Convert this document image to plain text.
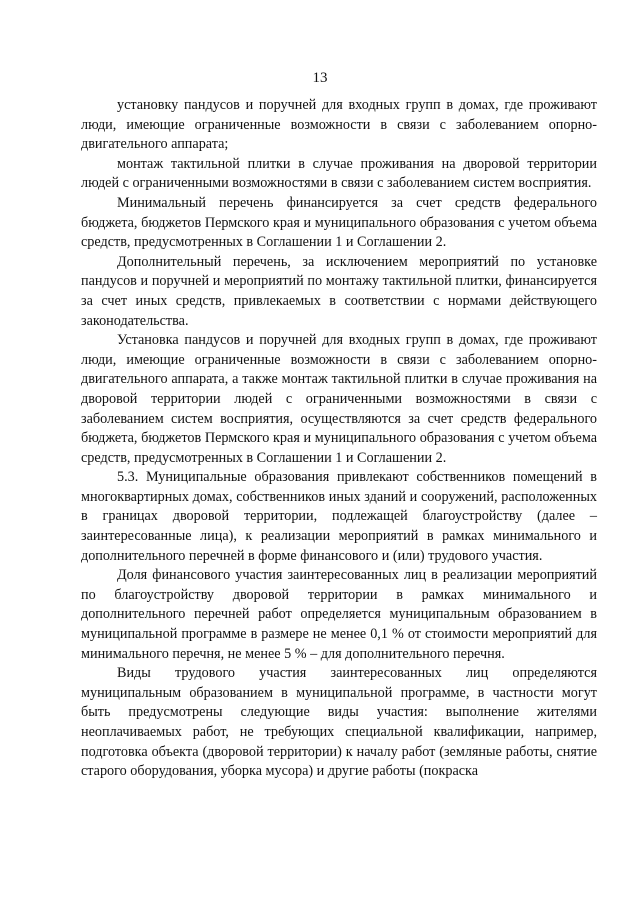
13

установку пандусов и поручней для входных групп в домах, где проживают люди, имеющие ограниченные возможности в связи с заболеванием опорно-двигательного аппарата;

монтаж тактильной плитки в случае проживания на дворовой территории людей с ограниченными возможностями в связи с заболеванием систем восприятия.

Минимальный перечень финансируется за счет средств федерального бюджета, бюджетов Пермского края и муниципального образования с учетом объема средств, предусмотренных в Соглашении 1 и Соглашении 2.

Дополнительный перечень, за исключением мероприятий по установке пандусов и поручней и мероприятий по монтажу тактильной плитки, финансируется за счет иных средств, привлекаемых в соответствии с нормами действующего законодательства.

Установка пандусов и поручней для входных групп в домах, где проживают люди, имеющие ограниченные возможности в связи с заболеванием опорно-двигательного аппарата, а также монтаж тактильной плитки в случае проживания на дворовой территории людей с ограниченными возможностями в связи с заболеванием систем восприятия, осуществляются за счет средств федерального бюджета, бюджетов Пермского края и муниципального образования с учетом объема средств, предусмотренных в Соглашении 1 и Соглашении 2.

5.3. Муниципальные образования привлекают собственников помещений в многоквартирных домах, собственников иных зданий и сооружений, расположенных в границах дворовой территории, подлежащей благоустройству (далее – заинтересованные лица), к реализации мероприятий в рамках минимального и дополнительного перечней в форме финансового и (или) трудового участия.

Доля финансового участия заинтересованных лиц в реализации мероприятий по благоустройству дворовой территории в рамках минимального и дополнительного перечней работ определяется муниципальным образованием в муниципальной программе в размере не менее 0,1 % от стоимости мероприятий для минимального перечня, не менее 5 % – для дополнительного перечня.

Виды трудового участия заинтересованных лиц определяются муниципальным образованием в муниципальной программе, в частности могут быть предусмотрены следующие виды участия: выполнение жителями неоплачиваемых работ, не требующих специальной квалификации, например, подготовка объекта (дворовой территории) к началу работ (земляные работы, снятие старого оборудования, уборка мусора) и другие работы (покраска
